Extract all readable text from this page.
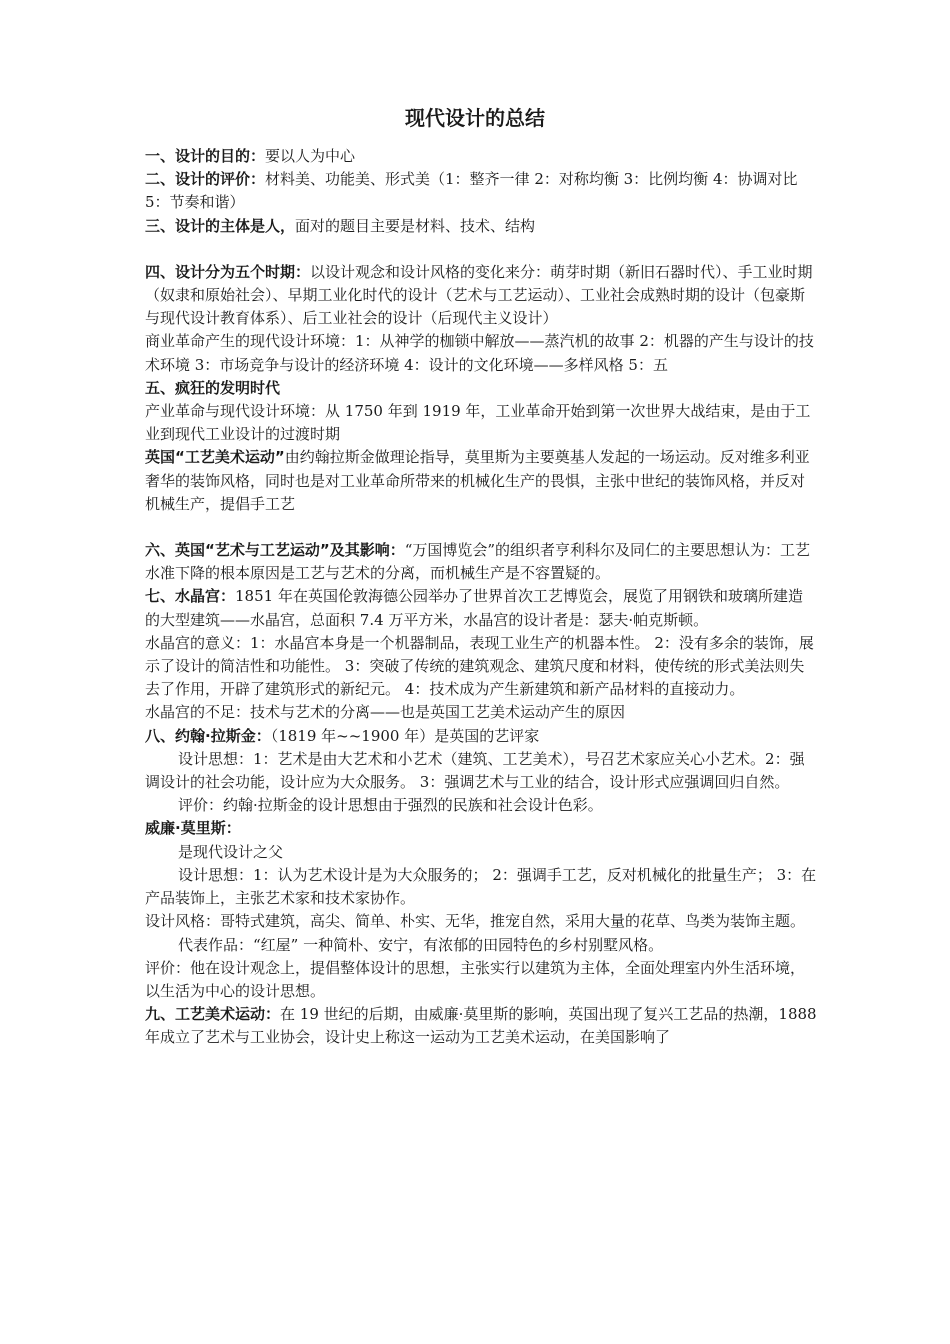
现代设计的总结

一、设计的目的：要以人为中心

二、设计的评价：材料美、功能美、形式美（1：整齐一律 2：对称均衡 3：比例均衡 4：协调对比 5：节奏和谐）

三、设计的主体是人，面对的题目主要是材料、技术、结构

四、设计分为五个时期：以设计观念和设计风格的变化来分：萌芽时期（新旧石器时代）、手工业时期（奴隶和原始社会）、早期工业化时代的设计（艺术与工艺运动）、工业社会成熟时期的设计（包豪斯与现代设计教育体系）、后工业社会的设计（后现代主义设计）

商业革命产生的现代设计环境：1：从神学的枷锁中解放——蒸汽机的故事 2：机器的产生与设计的技术环境 3：市场竞争与设计的经济环境 4：设计的文化环境——多样风格 5：五

五、疯狂的发明时代

产业革命与现代设计环境：从 1750 年到 1919 年，工业革命开始到第一次世界大战结束，是由于工业到现代工业设计的过渡时期

英国“工艺美术运动”由约翰拉斯金做理论指导，莫里斯为主要奠基人发起的一场运动。反对维多利亚奢华的装饰风格，同时也是对工业革命所带来的机械化生产的畏惧，主张中世纪的装饰风格，并反对机械生产，提倡手工艺

六、英国“艺术与工艺运动”及其影响：“万国博览会”的组织者亨利科尔及同仁的主要思想认为：工艺水准下降的根本原因是工艺与艺术的分离，而机械生产是不容置疑的。

七、水晶宫：1851 年在英国伦敦海德公园举办了世界首次工艺博览会，展览了用钢铁和玻璃所建造的大型建筑——水晶宫，总面积 7.4 万平方米，水晶宫的设计者是：瑟夫·帕克斯顿。

水晶宫的意义：1：水晶宫本身是一个机器制品，表现工业生产的机器本性。 2：没有多余的装饰，展示了设计的简洁性和功能性。 3：突破了传统的建筑观念、建筑尺度和材料，使传统的形式美法则失去了作用，开辟了建筑形式的新纪元。 4：技术成为产生新建筑和新产品材料的直接动力。

水晶宫的不足：技术与艺术的分离——也是英国工艺美术运动产生的原因

八、约翰·拉斯金：（1819 年~~1900 年）是英国的艺评家

设计思想：1：艺术是由大艺术和小艺术（建筑、工艺美术），号召艺术家应关心小艺术。2：强调设计的社会功能，设计应为大众服务。 3：强调艺术与工业的结合，设计形式应强调回归自然。

评价：约翰·拉斯金的设计思想由于强烈的民族和社会设计色彩。

威廉·莫里斯：

是现代设计之父

设计思想：1：认为艺术设计是为大众服务的； 2：强调手工艺，反对机械化的批量生产； 3：在产品装饰上，主张艺术家和技术家协作。

设计风格：哥特式建筑，高尖、简单、朴实、无华，推宠自然，采用大量的花草、鸟类为装饰主题。

代表作品：“红屋” 一种简朴、安宁，有浓郁的田园特色的乡村别墅风格。

评价：他在设计观念上，提倡整体设计的思想，主张实行以建筑为主体，全面处理室内外生活环境，以生活为中心的设计思想。

九、工艺美术运动：在 19 世纪的后期，由威廉·莫里斯的影响，英国出现了复兴工艺品的热潮，1888 年成立了艺术与工业协会，设计史上称这一运动为工艺美术运动，在美国影响了
